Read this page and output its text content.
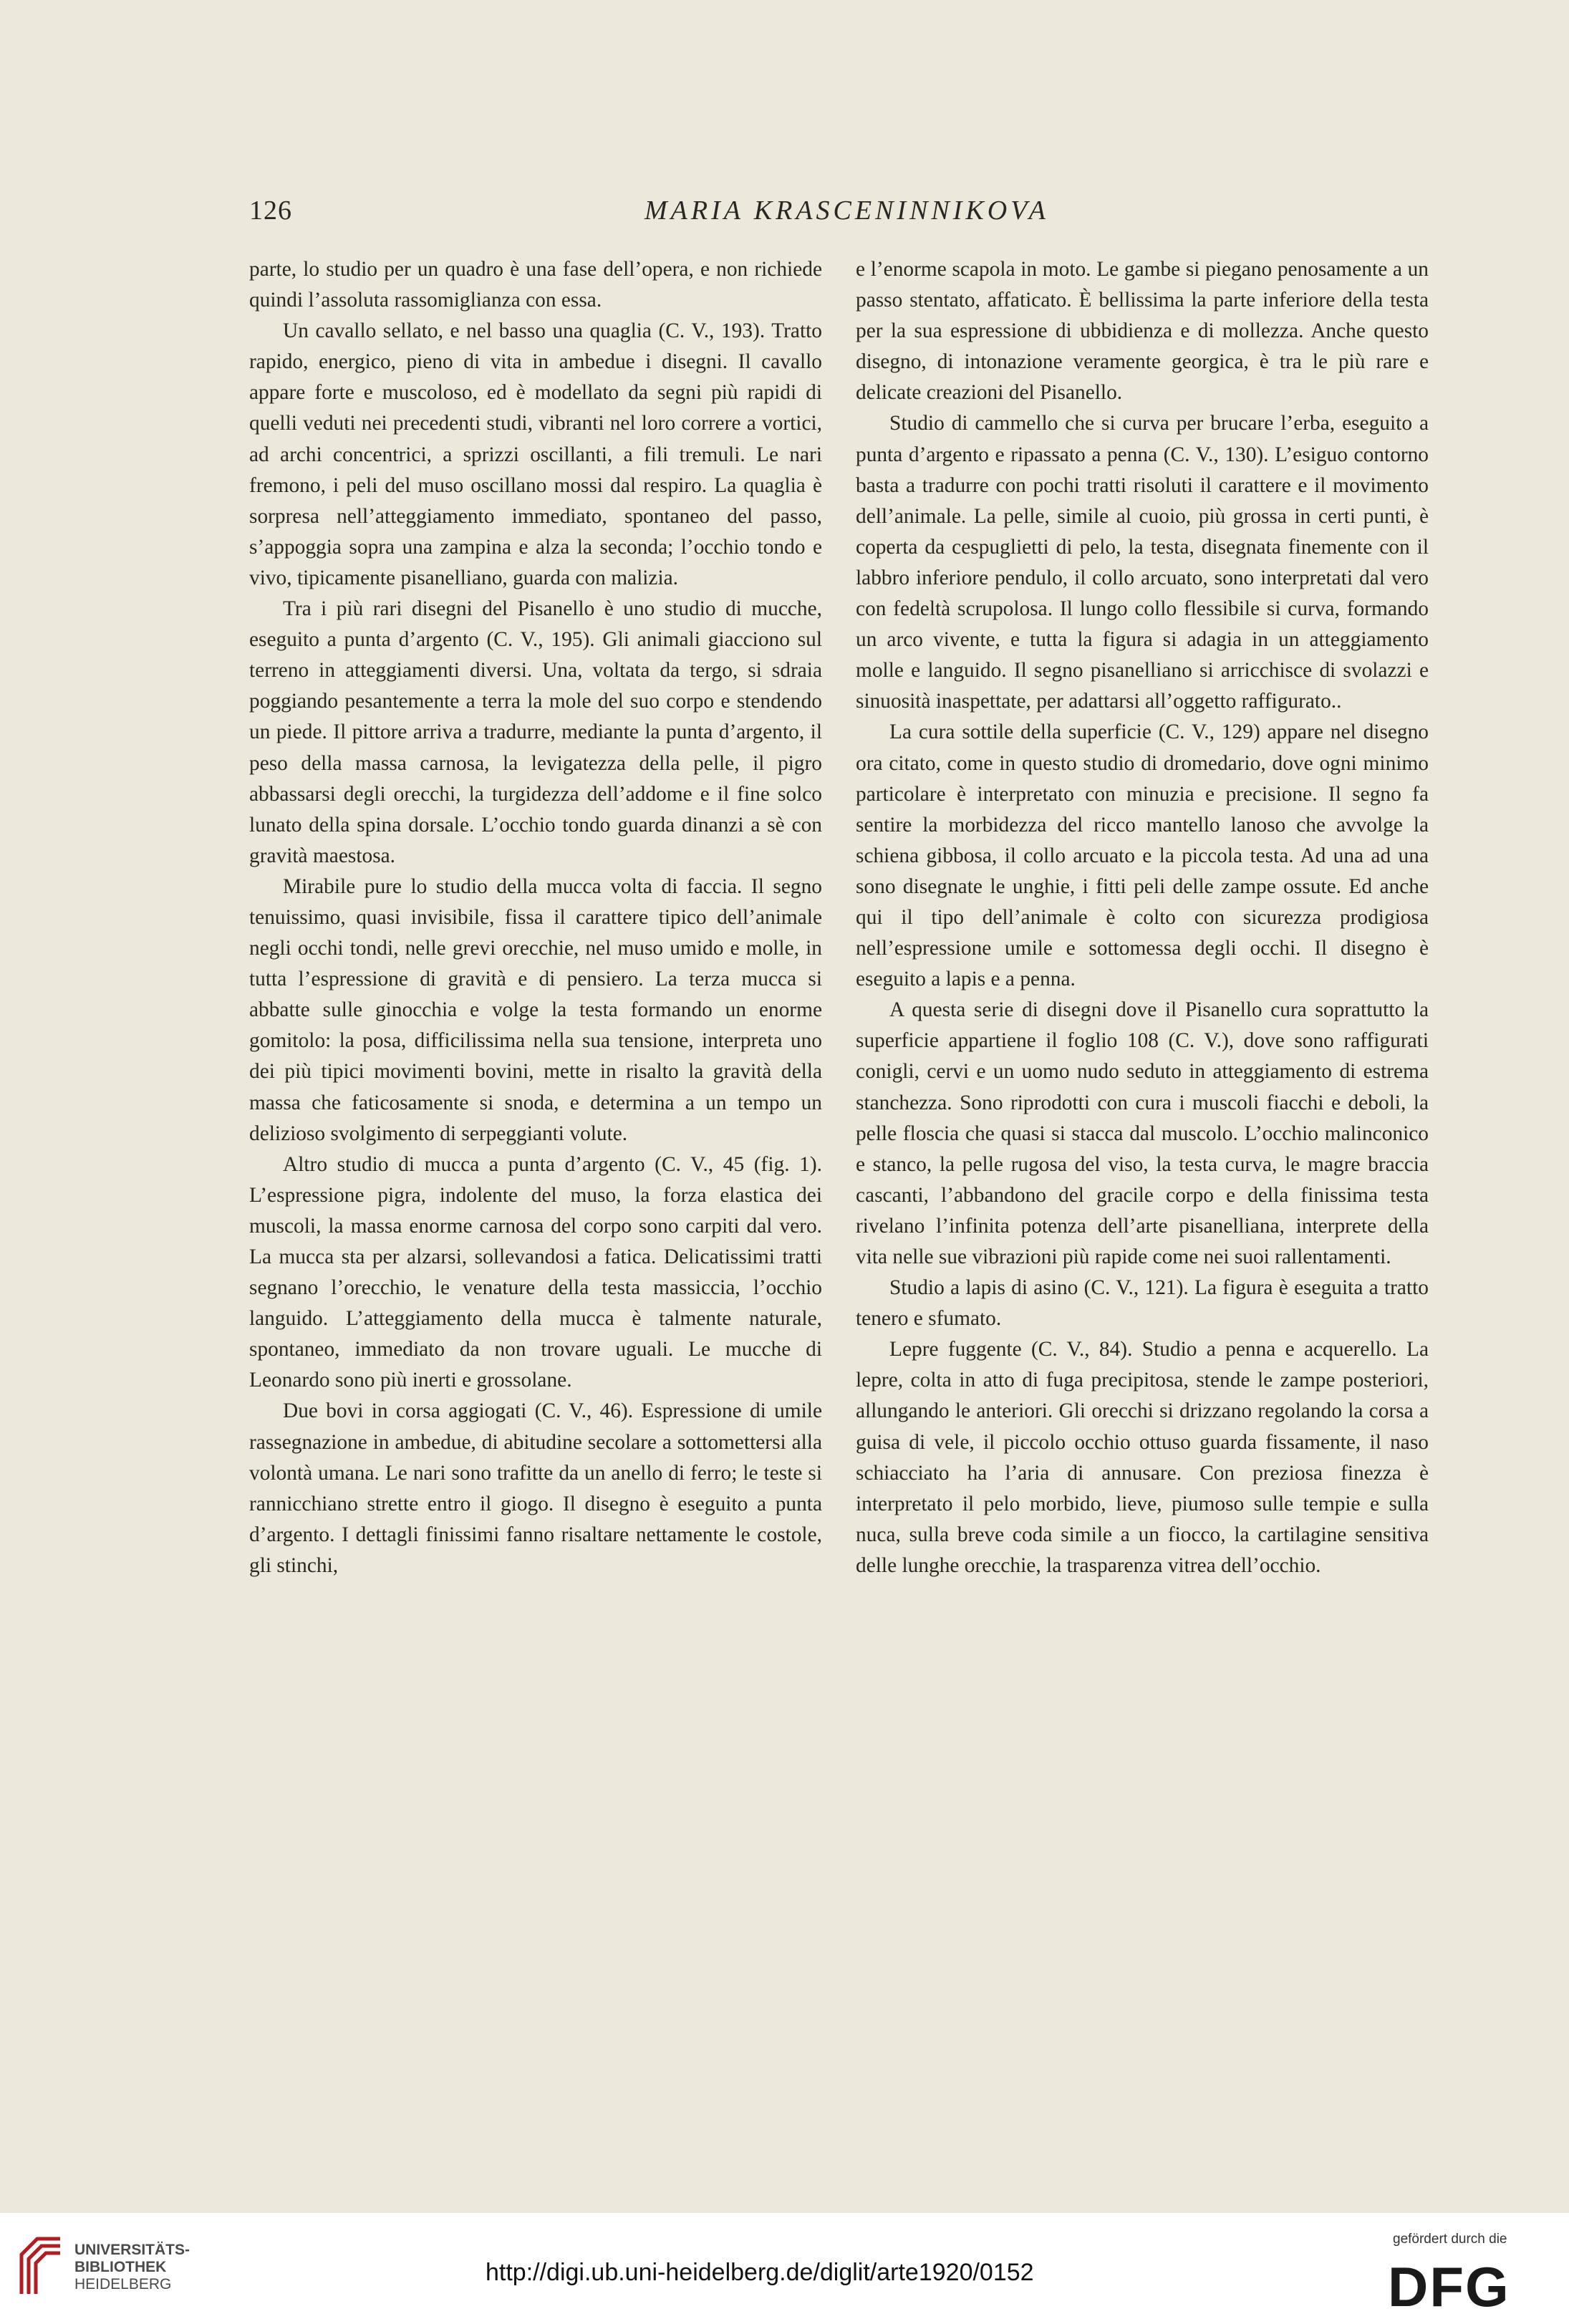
126	MARIA KRASCENINNIKOVA

parte, lo studio per un quadro è una fase dell’opera, e non richiede quindi l’assoluta rassomiglianza con essa.

Un cavallo sellato, e nel basso una quaglia (C. V., 193). Tratto rapido, energico, pieno di vita in ambedue i disegni. Il cavallo appare forte e muscoloso, ed è modellato da segni più rapidi di quelli veduti nei precedenti studi, vibranti nel loro correre a vortici, ad archi concentrici, a sprizzi oscillanti, a fili tremuli. Le nari fremono, i peli del muso oscillano mossi dal respiro. La quaglia è sorpresa nell’atteggiamento immediato, spontaneo del passo, s’appoggia sopra una zampina e alza la seconda; l’occhio tondo e vivo, tipicamente pisanelliano, guarda con malizia.

Tra i più rari disegni del Pisanello è uno studio di mucche, eseguito a punta d’argento (C. V., 195). Gli animali giacciono sul terreno in atteggiamenti diversi. Una, voltata da tergo, si sdraia poggiando pesantemente a terra la mole del suo corpo e stendendo un piede. Il pittore arriva a tradurre, mediante la punta d’argento, il peso della massa carnosa, la levigatezza della pelle, il pigro abbassarsi degli orecchi, la turgidezza dell’addome e il fine solco lunato della spina dorsale. L’occhio tondo guarda dinanzi a sè con gravità maestosa.

Mirabile pure lo studio della mucca volta di faccia. Il segno tenuissimo, quasi invisibile, fissa il carattere tipico dell’animale negli occhi tondi, nelle grevi orecchie, nel muso umido e molle, in tutta l’espressione di gravità e di pensiero. La terza mucca si abbatte sulle ginocchia e volge la testa formando un enorme gomitolo: la posa, difficilissima nella sua tensione, interpreta uno dei più tipici movimenti bovini, mette in risalto la gravità della massa che faticosamente si snoda, e determina a un tempo un delizioso svolgimento di serpeggianti volute.

Altro studio di mucca a punta d’argento (C. V., 45 (fig. 1). L’espressione pigra, indolente del muso, la forza elastica dei muscoli, la massa enorme carnosa del corpo sono carpiti dal vero. La mucca sta per alzarsi, sollevandosi a fatica. Delicatissimi tratti segnano l’orecchio, le venature della testa massiccia, l’occhio languido. L’atteggiamento della mucca è talmente naturale, spontaneo, immediato da non trovare uguali. Le mucche di Leonardo sono più inerti e grossolane.

Due bovi in corsa aggiogati (C. V., 46). Espressione di umile rassegnazione in ambedue, di abitudine secolare a sottomettersi alla volontà umana. Le nari sono trafitte da un anello di ferro; le teste si rannicchiano strette entro il giogo. Il disegno è eseguito a punta d’argento. I dettagli finissimi fanno risaltare nettamente le costole, gli stinchi,

e l’enorme scapola in moto. Le gambe si piegano penosamente a un passo stentato, affaticato. È bellissima la parte inferiore della testa per la sua espressione di ubbidienza e di mollezza. Anche questo disegno, di intonazione veramente georgica, è tra le più rare e delicate creazioni del Pisanello.

Studio di cammello che si curva per brucare l’erba, eseguito a punta d’argento e ripassato a penna (C. V., 130). L’esiguo contorno basta a tradurre con pochi tratti risoluti il carattere e il movimento dell’animale. La pelle, simile al cuoio, più grossa in certi punti, è coperta da cespuglietti di pelo, la testa, disegnata finemente con il labbro inferiore pendulo, il collo arcuato, sono interpretati dal vero con fedeltà scrupolosa. Il lungo collo flessibile si curva, formando un arco vivente, e tutta la figura si adagia in un atteggiamento molle e languido. Il segno pisanelliano si arricchisce di svolazzi e sinuosità inaspettate, per adattarsi all’oggetto raffigurato..

La cura sottile della superficie (C. V., 129) appare nel disegno ora citato, come in questo studio di dromedario, dove ogni minimo particolare è interpretato con minuzia e precisione. Il segno fa sentire la morbidezza del ricco mantello lanoso che avvolge la schiena gibbosa, il collo arcuato e la piccola testa. Ad una ad una sono disegnate le unghie, i fitti peli delle zampe ossute. Ed anche qui il tipo dell’animale è colto con sicurezza prodigiosa nell’espressione umile e sottomessa degli occhi. Il disegno è eseguito a lapis e a penna.

A questa serie di disegni dove il Pisanello cura soprattutto la superficie appartiene il foglio 108 (C. V.), dove sono raffigurati conigli, cervi e un uomo nudo seduto in atteggiamento di estrema stanchezza. Sono riprodotti con cura i muscoli fiacchi e deboli, la pelle floscia che quasi si stacca dal muscolo. L’occhio malinconico e stanco, la pelle rugosa del viso, la testa curva, le magre braccia cascanti, l’abbandono del gracile corpo e della finissima testa rivelano l’infinita potenza dell’arte pisanelliana, interprete della vita nelle sue vibrazioni più rapide come nei suoi rallentamenti.

Studio a lapis di asino (C. V., 121). La figura è eseguita a tratto tenero e sfumato.

Lepre fuggente (C. V., 84). Studio a penna e acquerello. La lepre, colta in atto di fuga precipitosa, stende le zampe posteriori, allungando le anteriori. Gli orecchi si drizzano regolando la corsa a guisa di vele, il piccolo occhio ottuso guarda fissamente, il naso schiacciato ha l’aria di annusare. Con preziosa finezza è interpretato il pelo morbido, lieve, piumoso sulle tempie e sulla nuca, sulla breve coda simile a un fiocco, la cartilagine sensitiva delle lunghe orecchie, la trasparenza vitrea dell’occhio.

UNIVERSITÄTS-
BIBLIOTHEK
HEIDELBERG	http://digi.ub.uni-heidelberg.de/diglit/arte1920/0152
gefördert durch die
DFG
